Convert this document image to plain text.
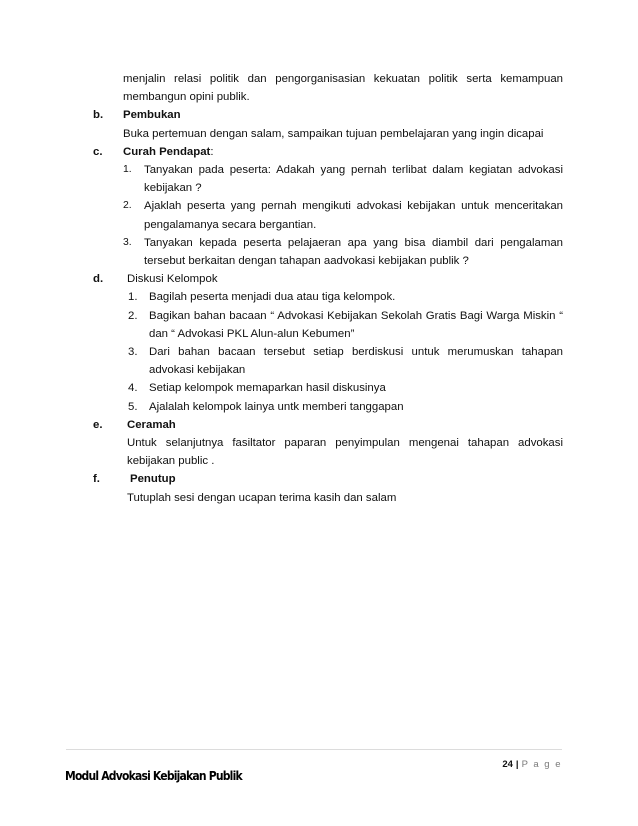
menjalin relasi politik dan pengorganisasian kekuatan politik serta kemampuan
membangun opini publik.
b. Pembukan
Buka pertemuan dengan salam, sampaikan tujuan pembelajaran yang ingin dicapai
c. Curah Pendapat:
1. Tanyakan pada peserta: Adakah yang pernah terlibat dalam kegiatan advokasi kebijakan ?
2. Ajaklah peserta yang pernah mengikuti advokasi kebijakan untuk menceritakan pengalamanya secara bergantian.
3. Tanyakan kepada peserta pelajaeran apa yang bisa diambil dari pengalaman tersebut berkaitan dengan tahapan aadvokasi kebijakan publik ?
d. Diskusi Kelompok
1. Bagilah peserta menjadi dua atau tiga kelompok.
2. Bagikan bahan bacaan “ Advokasi Kebijakan Sekolah Gratis Bagi Warga Miskin “ dan “ Advokasi PKL Alun-alun Kebumen”
3. Dari bahan bacaan tersebut setiap berdiskusi untuk merumuskan tahapan advokasi kebijakan
4. Setiap kelompok memaparkan hasil diskusinya
5. Ajalalah kelompok lainya untk memberi tanggapan
e. Ceramah
Untuk selanjutnya fasiltator paparan penyimpulan mengenai tahapan advokasi kebijakan public .
f.	Penutup
Tutuplah sesi dengan ucapan terima kasih dan salam
24 | P a g e
Modul Advokasi Kebijakan Publik
